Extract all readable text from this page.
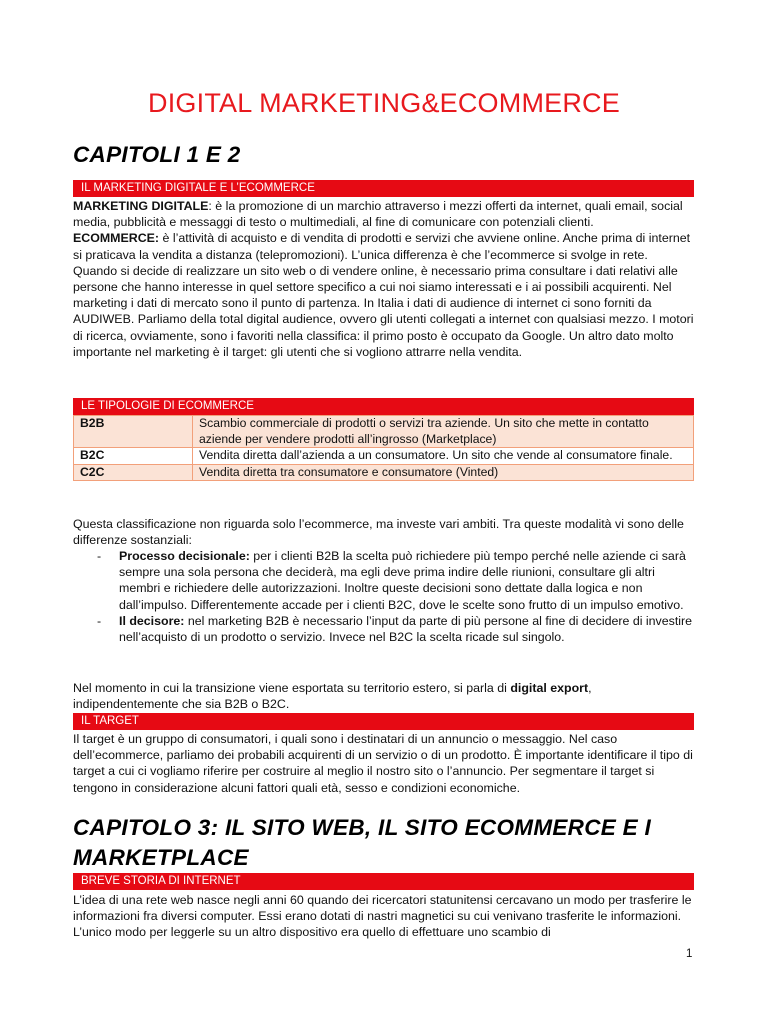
DIGITAL MARKETING&ECOMMERCE
CAPITOLI 1 E 2
IL MARKETING DIGITALE E L’ECOMMERCE

MARKETING DIGITALE: è la promozione di un marchio attraverso i mezzi offerti da internet, quali email, social media, pubblicità e messaggi di testo o multimediali, al fine di comunicare con potenziali clienti.

ECOMMERCE: è l’attività di acquisto e di vendita di prodotti e servizi che avviene online. Anche prima di internet si praticava la vendita a distanza (telepromozioni). L’unica differenza è che l’ecommerce si svolge in rete.

Quando si decide di realizzare un sito web o di vendere online, è necessario prima consultare i dati relativi alle persone che hanno interesse in quel settore specifico a cui noi siamo interessati e i ai possibili acquirenti. Nel marketing i dati di mercato sono il punto di partenza. In Italia i dati di audience di internet ci sono forniti da AUDIWEB. Parliamo della total digital audience, ovvero gli utenti collegati a internet con qualsiasi mezzo. I motori di ricerca, ovviamente, sono i favoriti nella classifica: il primo posto è occupato da Google. Un altro dato molto importante nel marketing è il target: gli utenti che si vogliono attrarre nella vendita.

LE TIPOLOGIE DI ECOMMERCE
B2B	Scambio commerciale di prodotti o servizi tra aziende. Un sito che mette in contatto aziende per vendere prodotti all’ingrosso (Marketplace)
B2C	Vendita diretta dall’azienda a un consumatore. Un sito che vende al consumatore finale.
C2C	Vendita diretta tra consumatore e consumatore (Vinted)

Questa classificazione non riguarda solo l’ecommerce, ma investe vari ambiti. Tra queste modalità vi sono delle differenze sostanziali:

- Processo decisionale: per i clienti B2B la scelta può richiedere più tempo perché nelle aziende ci sarà sempre una sola persona che deciderà, ma egli deve prima indire delle riunioni, consultare gli altri membri e richiedere delle autorizzazioni. Inoltre queste decisioni sono dettate dalla logica e non dall’impulso. Differentemente accade per i clienti B2C, dove le scelte sono frutto di un impulso emotivo.
- Il decisore: nel marketing B2B è necessario l’input da parte di più persone al fine di decidere di investire nell’acquisto di un prodotto o servizio. Invece nel B2C la scelta ricade sul singolo.

Nel momento in cui la transizione viene esportata su territorio estero, si parla di digital export, indipendentemente che sia B2B o B2C.

IL TARGET

Il target è un gruppo di consumatori, i quali sono i destinatari di un annuncio o messaggio. Nel caso dell’ecommerce, parliamo dei probabili acquirenti di un servizio o di un prodotto. È importante identificare il tipo di target a cui ci vogliamo riferire per costruire al meglio il nostro sito o l’annuncio. Per segmentare il target si tengono in considerazione alcuni fattori quali età, sesso e condizioni economiche.

CAPITOLO 3: IL SITO WEB, IL SITO ECOMMERCE E I MARKETPLACE
BREVE STORIA DI INTERNET

L’idea di una rete web nasce negli anni 60 quando dei ricercatori statunitensi cercavano un modo per trasferire le informazioni fra diversi computer. Essi erano dotati di nastri magnetici su cui venivano trasferite le informazioni. L’unico modo per leggerle su un altro dispositivo era quello di effettuare uno scambio di

1
